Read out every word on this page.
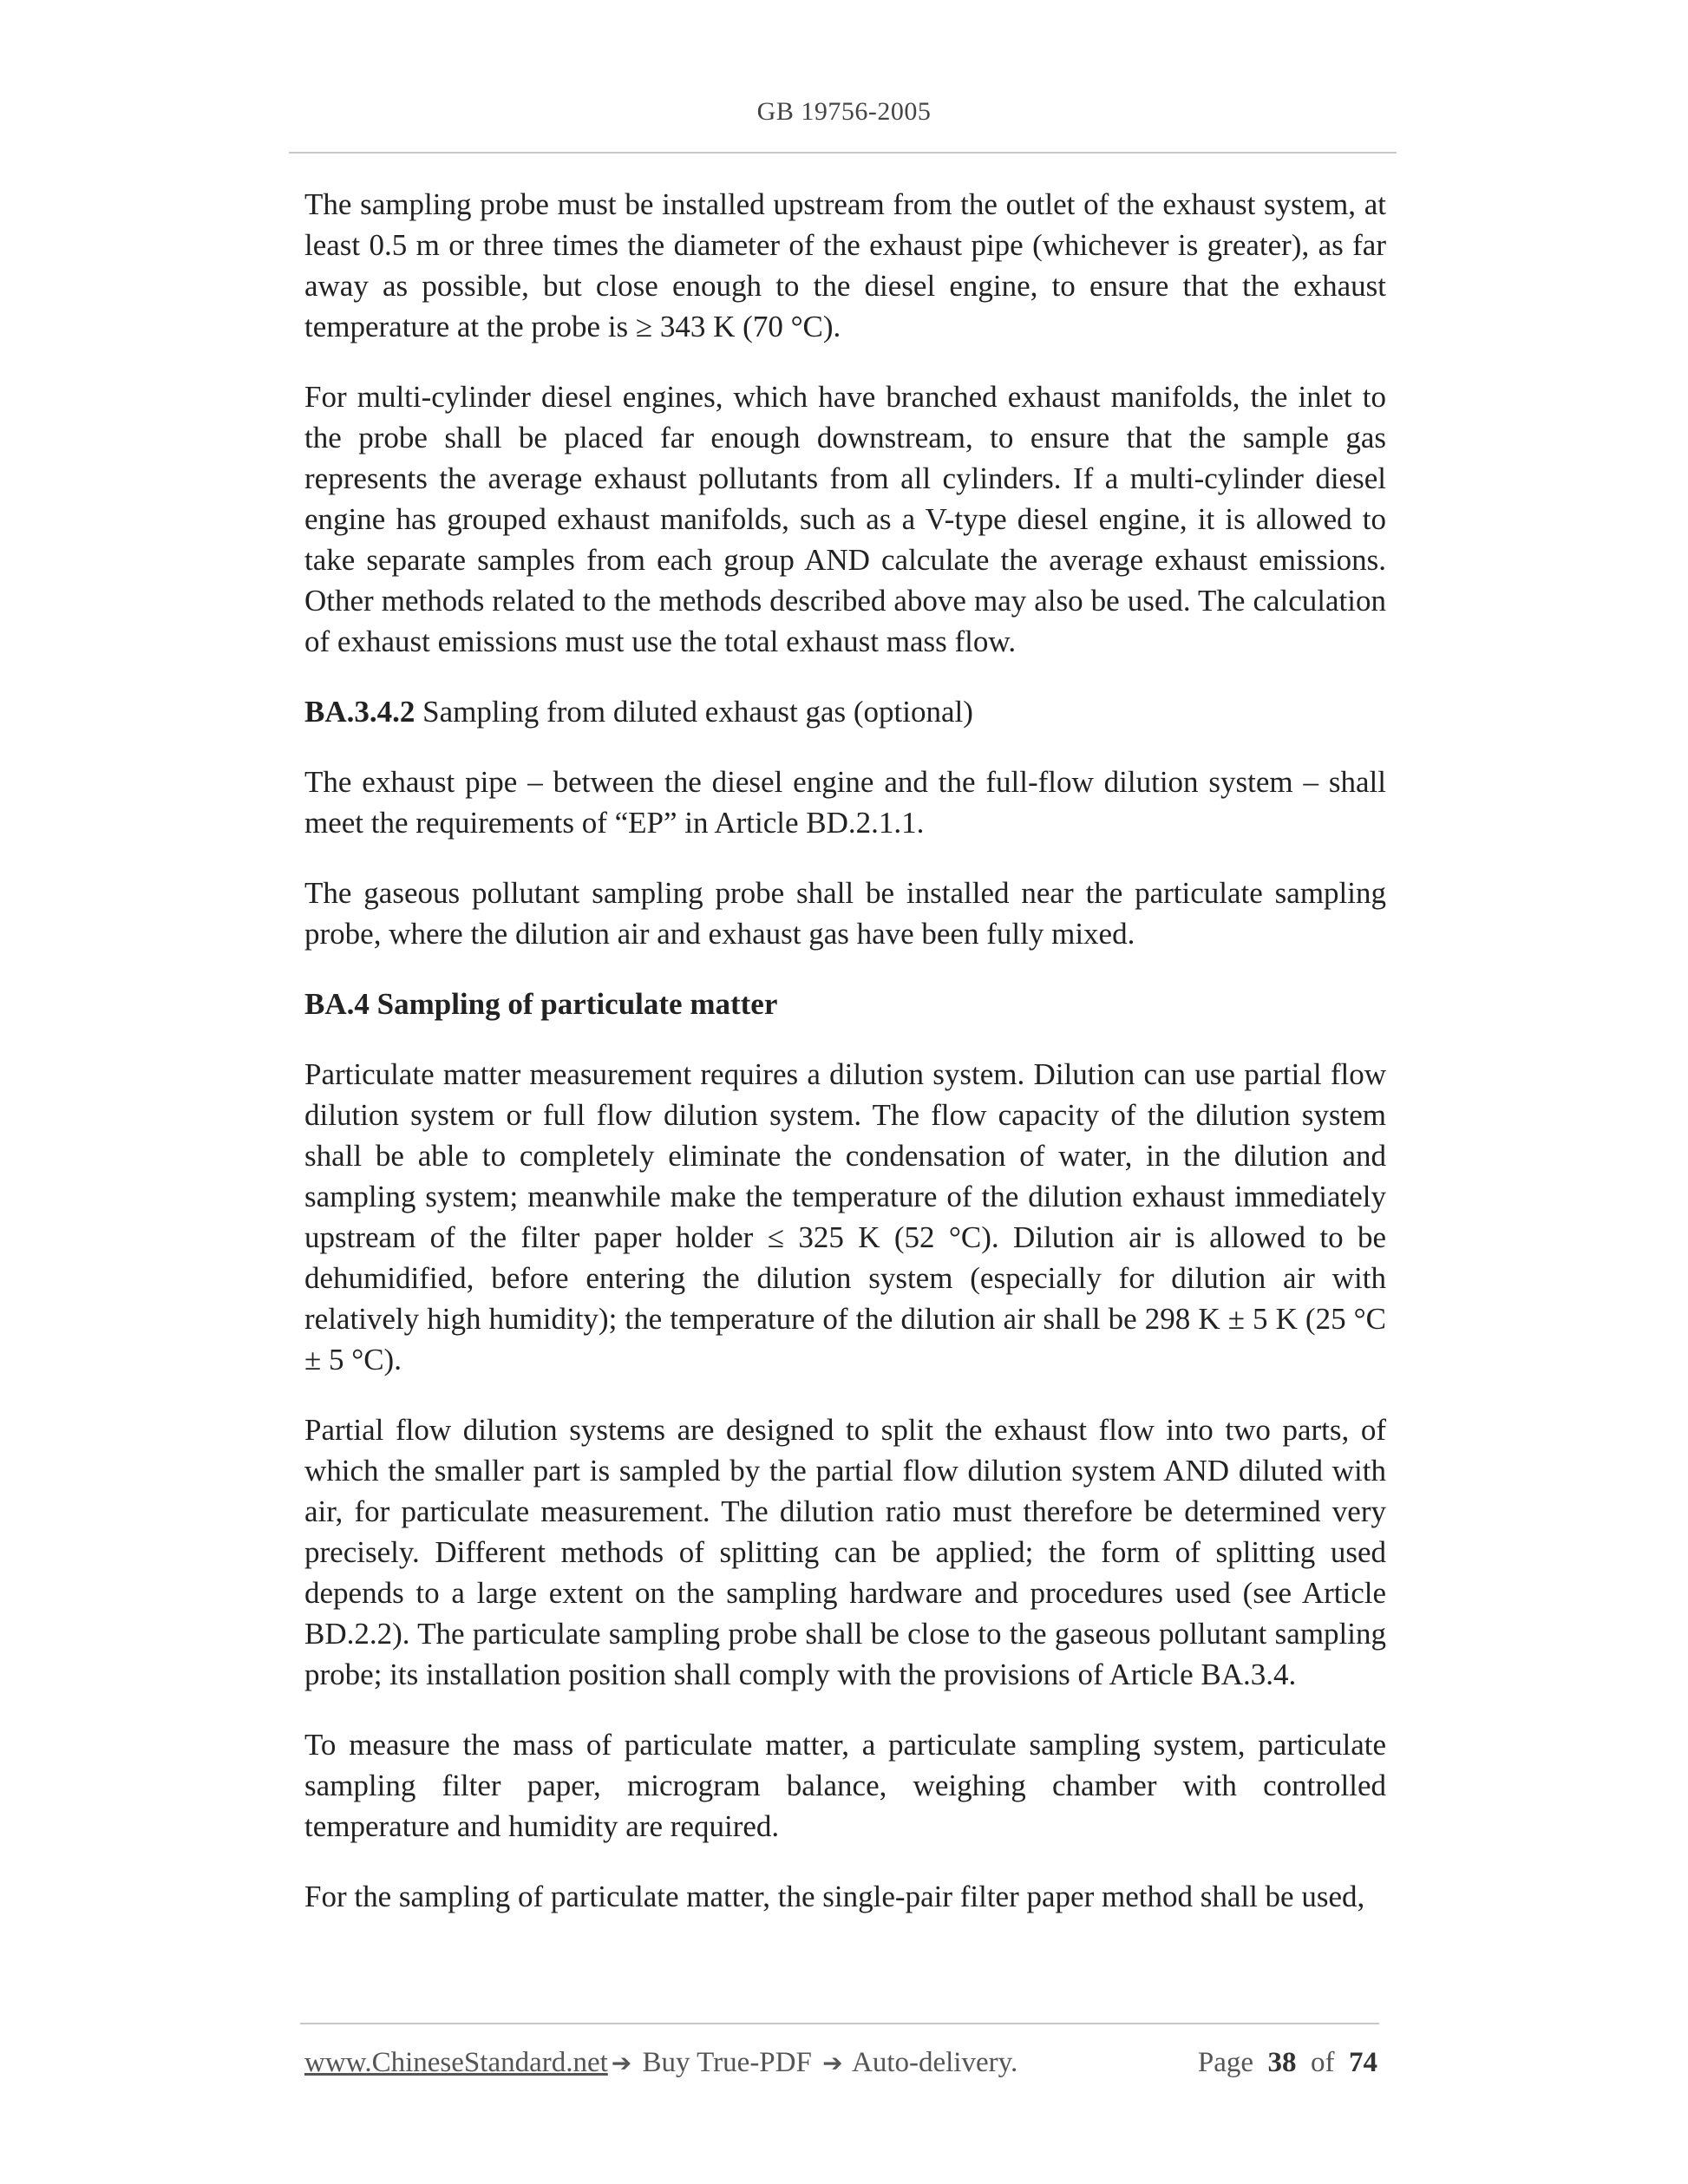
GB 19756-2005

The sampling probe must be installed upstream from the outlet of the exhaust system, at least 0.5 m or three times the diameter of the exhaust pipe (whichever is greater), as far away as possible, but close enough to the diesel engine, to ensure that the exhaust temperature at the probe is ≥ 343 K (70 °C).

For multi-cylinder diesel engines, which have branched exhaust manifolds, the inlet to the probe shall be placed far enough downstream, to ensure that the sample gas represents the average exhaust pollutants from all cylinders. If a multi-cylinder diesel engine has grouped exhaust manifolds, such as a V-type diesel engine, it is allowed to take separate samples from each group AND calculate the average exhaust emissions. Other methods related to the methods described above may also be used. The calculation of exhaust emissions must use the total exhaust mass flow.

BA.3.4.2 Sampling from diluted exhaust gas (optional)

The exhaust pipe – between the diesel engine and the full-flow dilution system – shall meet the requirements of “EP” in Article BD.2.1.1.

The gaseous pollutant sampling probe shall be installed near the particulate sampling probe, where the dilution air and exhaust gas have been fully mixed.

BA.4 Sampling of particulate matter

Particulate matter measurement requires a dilution system. Dilution can use partial flow dilution system or full flow dilution system. The flow capacity of the dilution system shall be able to completely eliminate the condensation of water, in the dilution and sampling system; meanwhile make the temperature of the dilution exhaust immediately upstream of the filter paper holder ≤ 325 K (52 °C). Dilution air is allowed to be dehumidified, before entering the dilution system (especially for dilution air with relatively high humidity); the temperature of the dilution air shall be 298 K ± 5 K (25 °C ± 5 °C).

Partial flow dilution systems are designed to split the exhaust flow into two parts, of which the smaller part is sampled by the partial flow dilution system AND diluted with air, for particulate measurement. The dilution ratio must therefore be determined very precisely. Different methods of splitting can be applied; the form of splitting used depends to a large extent on the sampling hardware and procedures used (see Article BD.2.2). The particulate sampling probe shall be close to the gaseous pollutant sampling probe; its installation position shall comply with the provisions of Article BA.3.4.

To measure the mass of particulate matter, a particulate sampling system, particulate sampling filter paper, microgram balance, weighing chamber with controlled temperature and humidity are required.

For the sampling of particulate matter, the single-pair filter paper method shall be used,

www.ChineseStandard.net ➔ Buy True-PDF ➔ Auto-delivery.	Page 38 of 74
